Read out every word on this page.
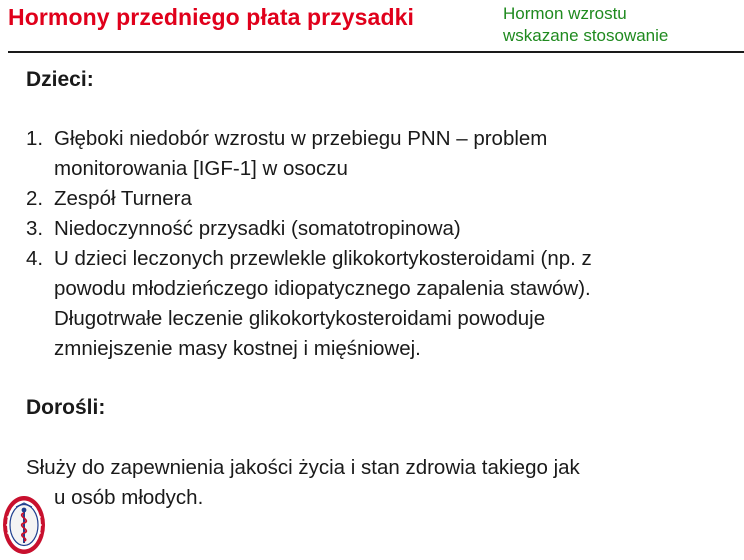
Hormony przedniego płata przysadki	Hormon wzrostu
wskazane stosowanie
Dzieci:
1. Głęboki niedobór wzrostu w przebiegu PNN – problem
monitorowania [IGF-1] w osoczu
2. Zespół Turnera
3. Niedoczynność przysadki (somatotropinowa)
4. U dzieci leczonych przewlekle glikokortykosteroidami (np. z
powodu młodzieńczego idiopatycznego zapalenia stawów).
Długotrwałe leczenie glikokortykosteroidami powoduje
zmniejszenie masy kostnej i mięśniowej.
Dorośli:
Służy do zapewnienia jakości życia i stan zdrowia takiego jak
u osób młodych.
